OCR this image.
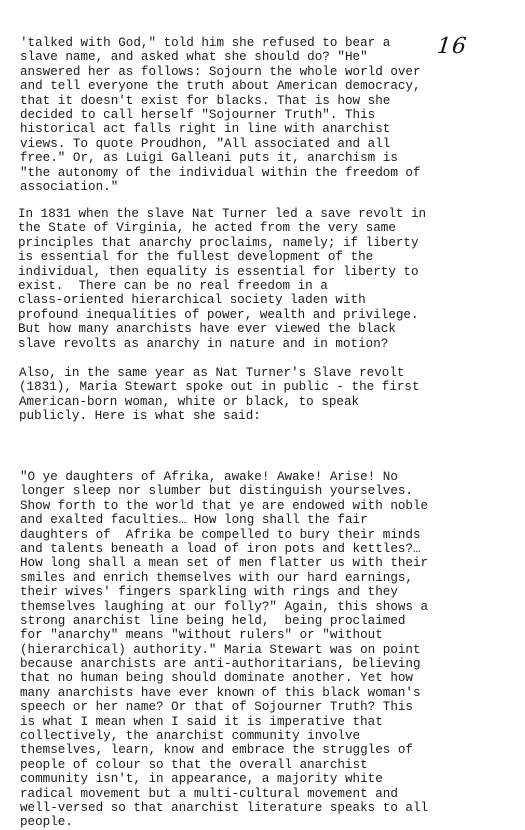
16
'talked with God," told him she refused to bear a
slave name, and asked what she should do? "He"
answered her as follows: Sojourn the whole world over
and tell everyone the truth about American democracy,
that it doesn't exist for blacks. That is how she
decided to call herself "Sojourner Truth". This
historical act falls right in line with anarchist
views. To quote Proudhon, "All associated and all
free." Or, as Luigi Galleani puts it, anarchism is
"the autonomy of the individual within the freedom of
association."
In 1831 when the slave Nat Turner led a save revolt in
the State of Virginia, he acted from the very same
principles that anarchy proclaims, namely; if liberty
is essential for the fullest development of the
individual, then equality is essential for liberty to
exist.  There can be no real freedom in a
class-oriented hierarchical society laden with
profound inequalities of power, wealth and privilege.
But how many anarchists have ever viewed the black
slave revolts as anarchy in nature and in motion?
Also, in the same year as Nat Turner's Slave revolt
(1831), Maria Stewart spoke out in public - the first
American-born woman, white or black, to speak
publicly. Here is what she said:
"O ye daughters of Afrika, awake! Awake! Arise! No
longer sleep nor slumber but distinguish yourselves.
Show forth to the world that ye are endowed with noble
and exalted faculties… How long shall the fair
daughters of  Afrika be compelled to bury their minds
and talents beneath a load of iron pots and kettles?…
How long shall a mean set of men flatter us with their
smiles and enrich themselves with our hard earnings,
their wives' fingers sparkling with rings and they
themselves laughing at our folly?" Again, this shows a
strong anarchist line being held,  being proclaimed
for "anarchy" means "without rulers" or "without
(hierarchical) authority." Maria Stewart was on point
because anarchists are anti-authoritarians, believing
that no human being should dominate another. Yet how
many anarchists have ever known of this black woman's
speech or her name? Or that of Sojourner Truth? This
is what I mean when I said it is imperative that
collectively, the anarchist community involve
themselves, learn, know and embrace the struggles of
people of colour so that the overall anarchist
community isn't, in appearance, a majority white
radical movement but a multi-cultural movement and
well-versed so that anarchist literature speaks to all
people.
